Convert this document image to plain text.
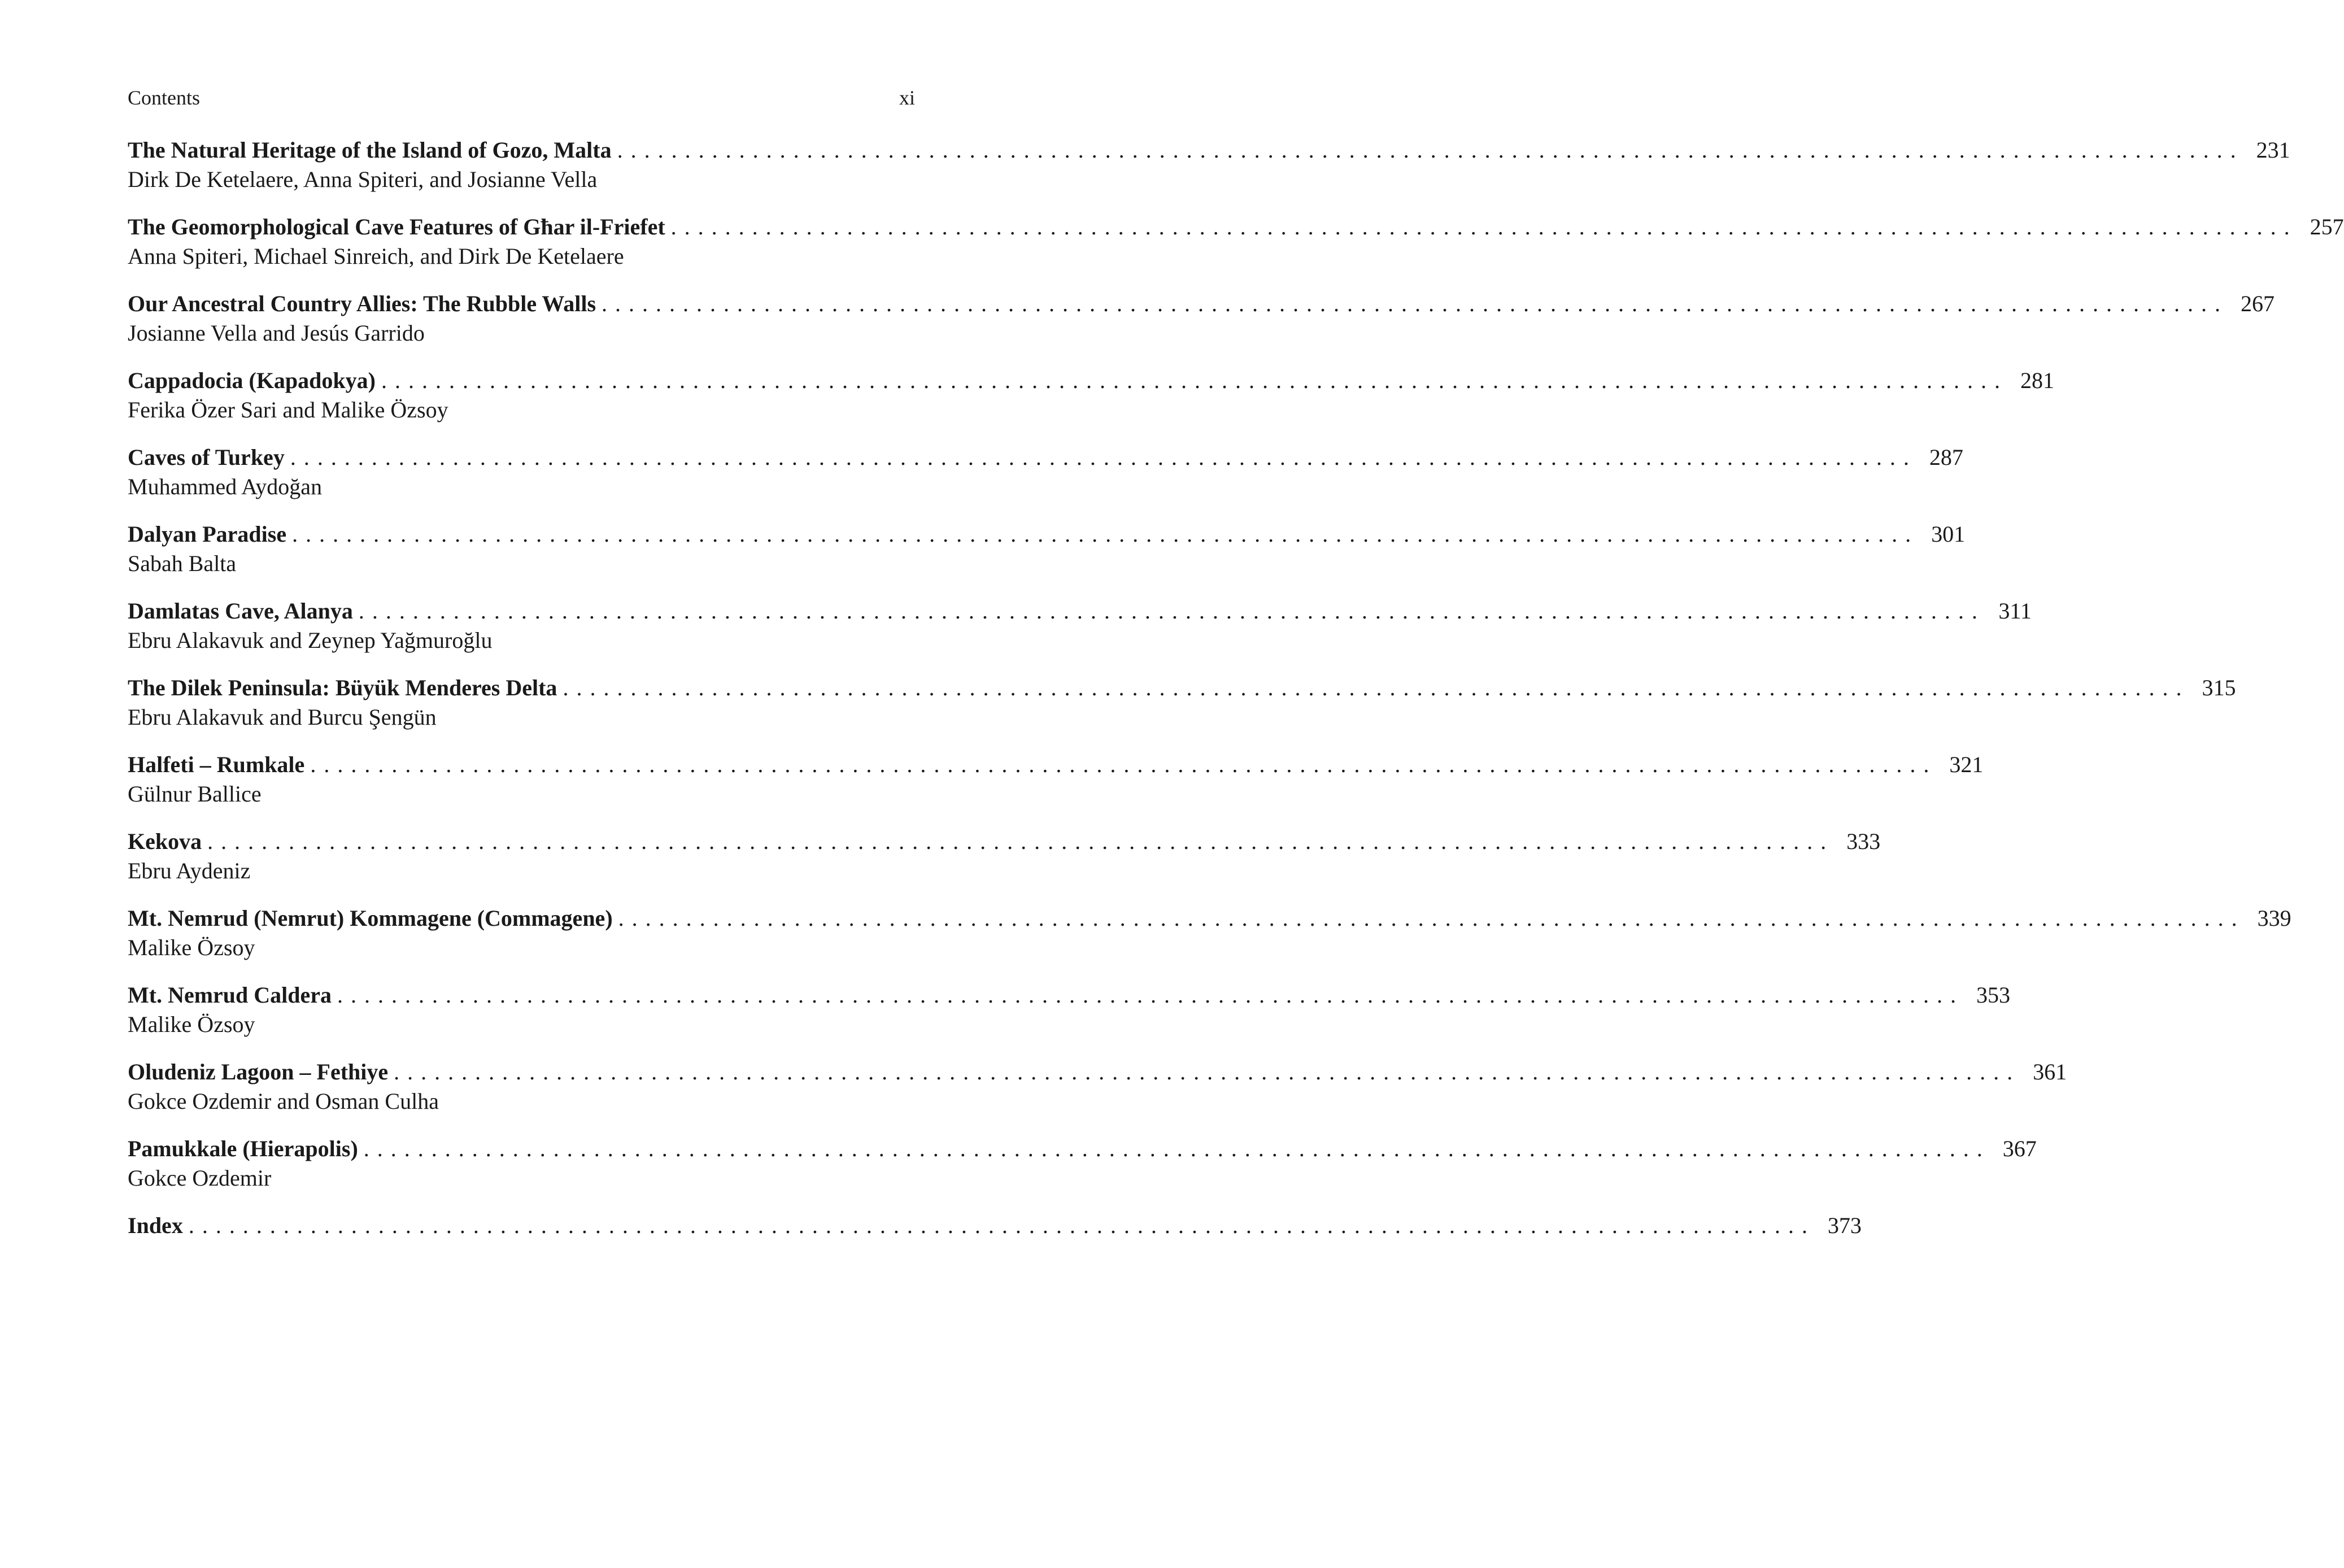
Contents	xi
The Natural Heritage of the Island of Gozo, Malta ........................................................................................................................ 231
Dirk De Ketelaere, Anna Spiteri, and Josianne Vella
The Geomorphological Cave Features of Għar il-Friefet ........................................................................................................................ 257
Anna Spiteri, Michael Sinreich, and Dirk De Ketelaere
Our Ancestral Country Allies: The Rubble Walls ........................................................................................................................ 267
Josianne Vella and Jesús Garrido
Cappadocia (Kapadokya) ........................................................................................................................ 281
Ferika Özer Sari and Malike Özsoy
Caves of Turkey ........................................................................................................................ 287
Muhammed Aydoğan
Dalyan Paradise ........................................................................................................................ 301
Sabah Balta
Damlatas Cave, Alanya ........................................................................................................................ 311
Ebru Alakavuk and Zeynep Yağmuroğlu
The Dilek Peninsula: Büyük Menderes Delta ........................................................................................................................ 315
Ebru Alakavuk and Burcu Şengün
Halfeti – Rumkale ........................................................................................................................ 321
Gülnur Ballice
Kekova ........................................................................................................................ 333
Ebru Aydeniz
Mt. Nemrud (Nemrut) Kommagene (Commagene) ........................................................................................................................ 339
Malike Özsoy
Mt. Nemrud Caldera ........................................................................................................................ 353
Malike Özsoy
Oludeniz Lagoon – Fethiye ........................................................................................................................ 361
Gokce Ozdemir and Osman Culha
Pamukkale (Hierapolis) ........................................................................................................................ 367
Gokce Ozdemir
Index ........................................................................................................................ 373
